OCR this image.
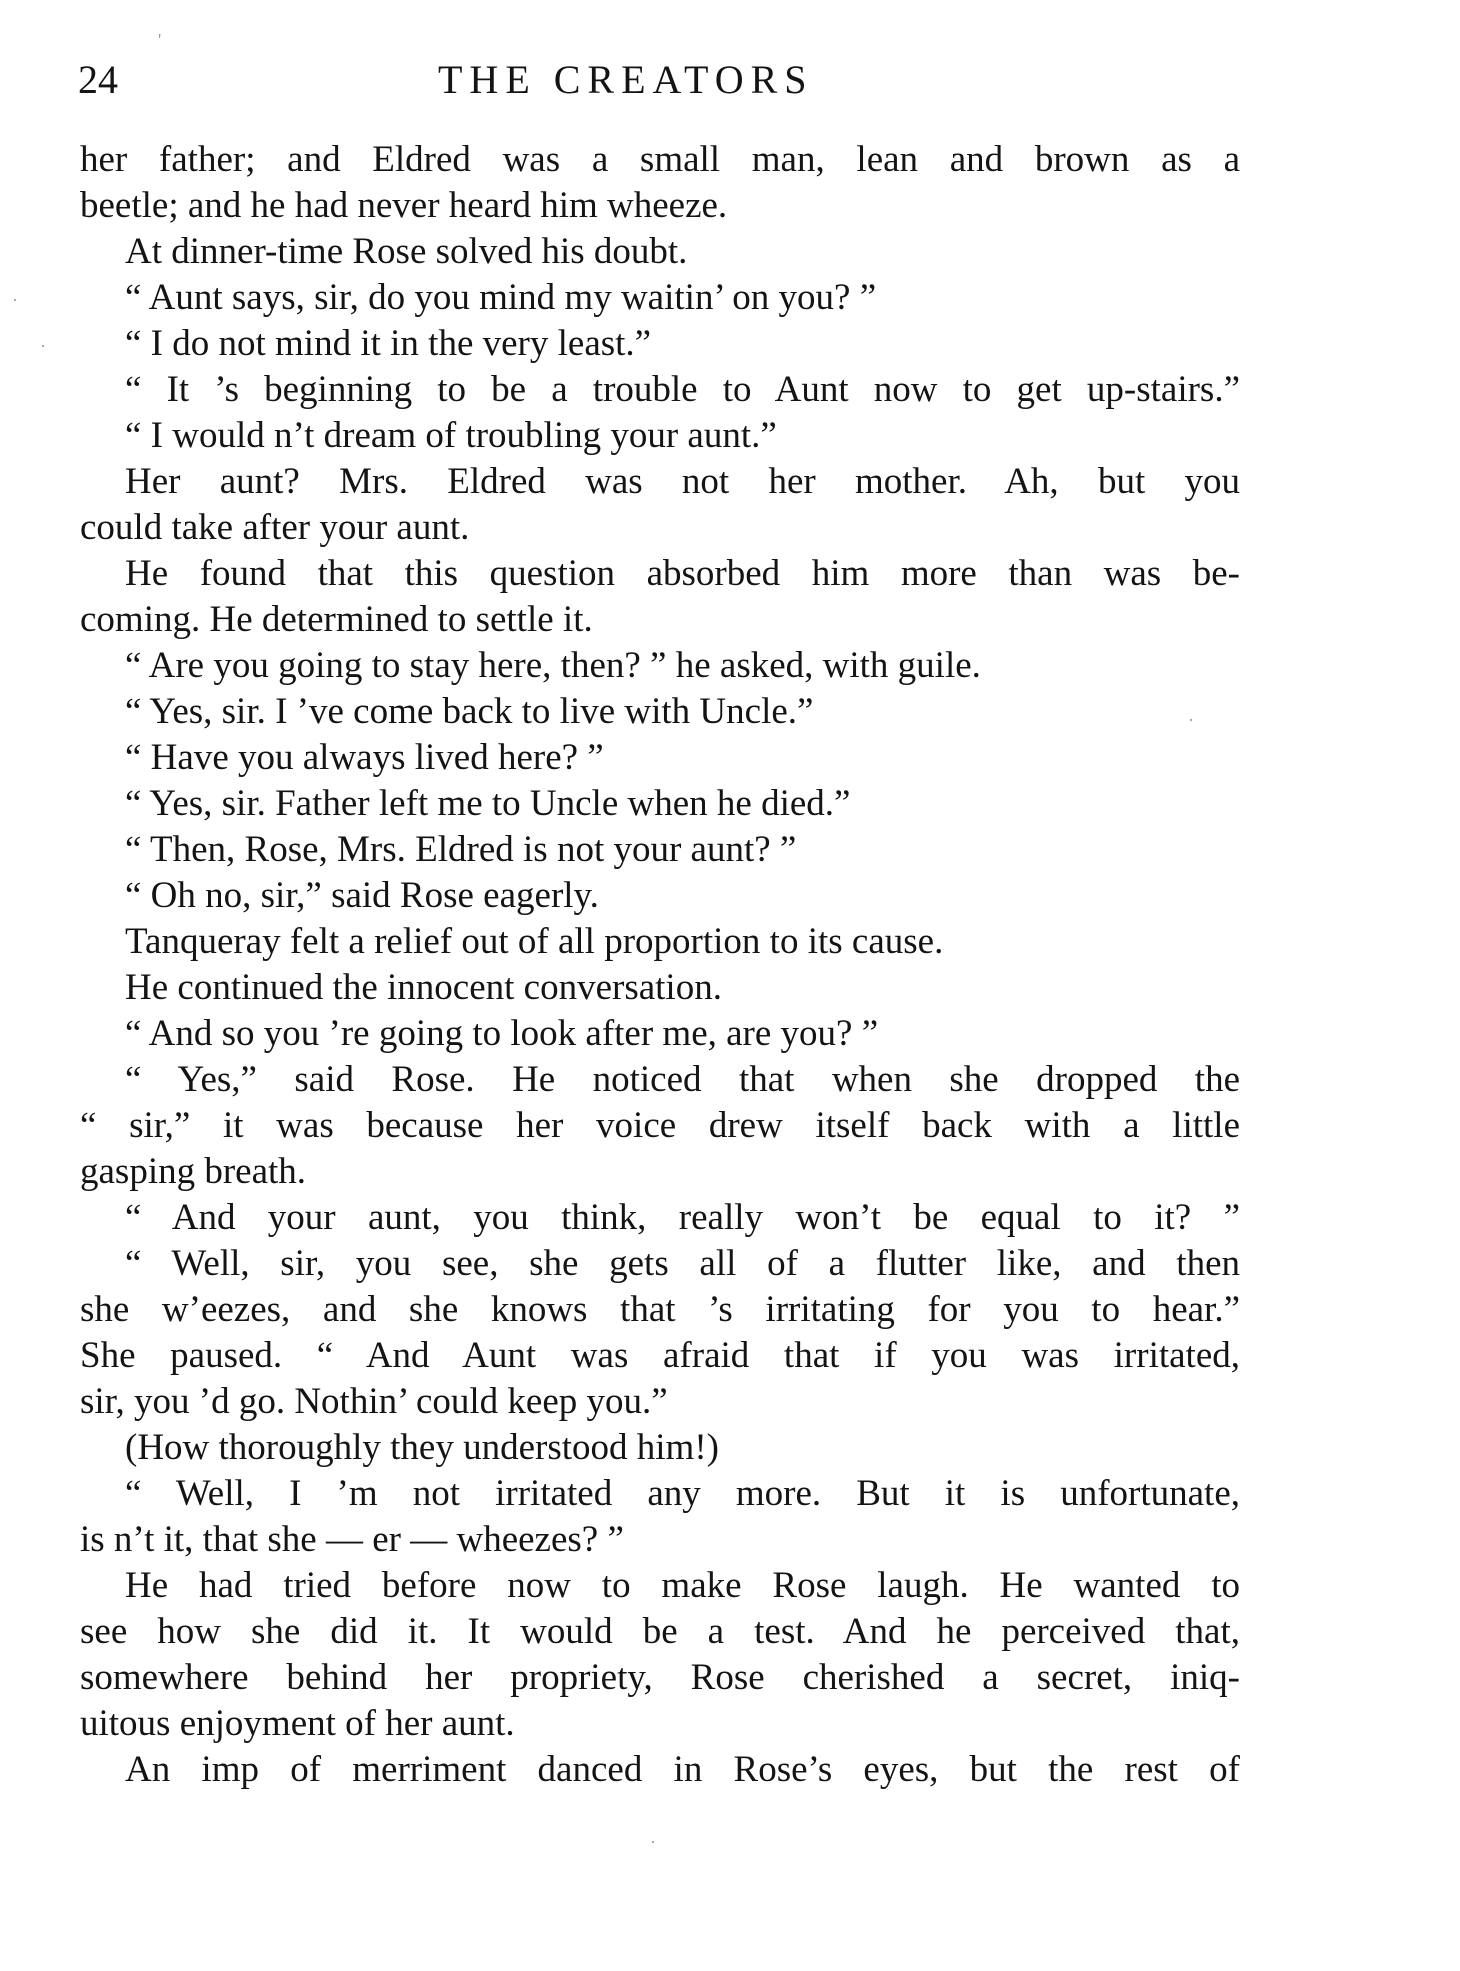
24	THE CREATORS
her father; and Eldred was a small man, lean and brown as a
beetle; and he had never heard him wheeze.
At dinner-time Rose solved his doubt.
“ Aunt says, sir, do you mind my waitin’ on you? ”
“ I do not mind it in the very least.”
“ It ’s beginning to be a trouble to Aunt now to get up-stairs.”
“ I would n’t dream of troubling your aunt.”
Her aunt? Mrs. Eldred was not her mother. Ah, but you
could take after your aunt.
He found that this question absorbed him more than was be-
coming. He determined to settle it.
“ Are you going to stay here, then? ” he asked, with guile.
“ Yes, sir. I ’ve come back to live with Uncle.”
“ Have you always lived here? ”
“ Yes, sir. Father left me to Uncle when he died.”
“ Then, Rose, Mrs. Eldred is not your aunt? ”
“ Oh no, sir,” said Rose eagerly.
Tanqueray felt a relief out of all proportion to its cause.
He continued the innocent conversation.
“ And so you ’re going to look after me, are you? ”
“ Yes,” said Rose. He noticed that when she dropped the
“ sir,” it was because her voice drew itself back with a little
gasping breath.
“ And your aunt, you think, really won’t be equal to it? ”
“ Well, sir, you see, she gets all of a flutter like, and then
she w’eezes, and she knows that ’s irritating for you to hear.”
She paused. “ And Aunt was afraid that if you was irritated,
sir, you ’d go. Nothin’ could keep you.”
(How thoroughly they understood him!)
“ Well, I ’m not irritated any more. But it is unfortunate,
is n’t it, that she — er — wheezes? ”
He had tried before now to make Rose laugh. He wanted to
see how she did it. It would be a test. And he perceived that,
somewhere behind her propriety, Rose cherished a secret, iniq-
uitous enjoyment of her aunt.
An imp of merriment danced in Rose’s eyes, but the rest of
'
·
·
·
·
